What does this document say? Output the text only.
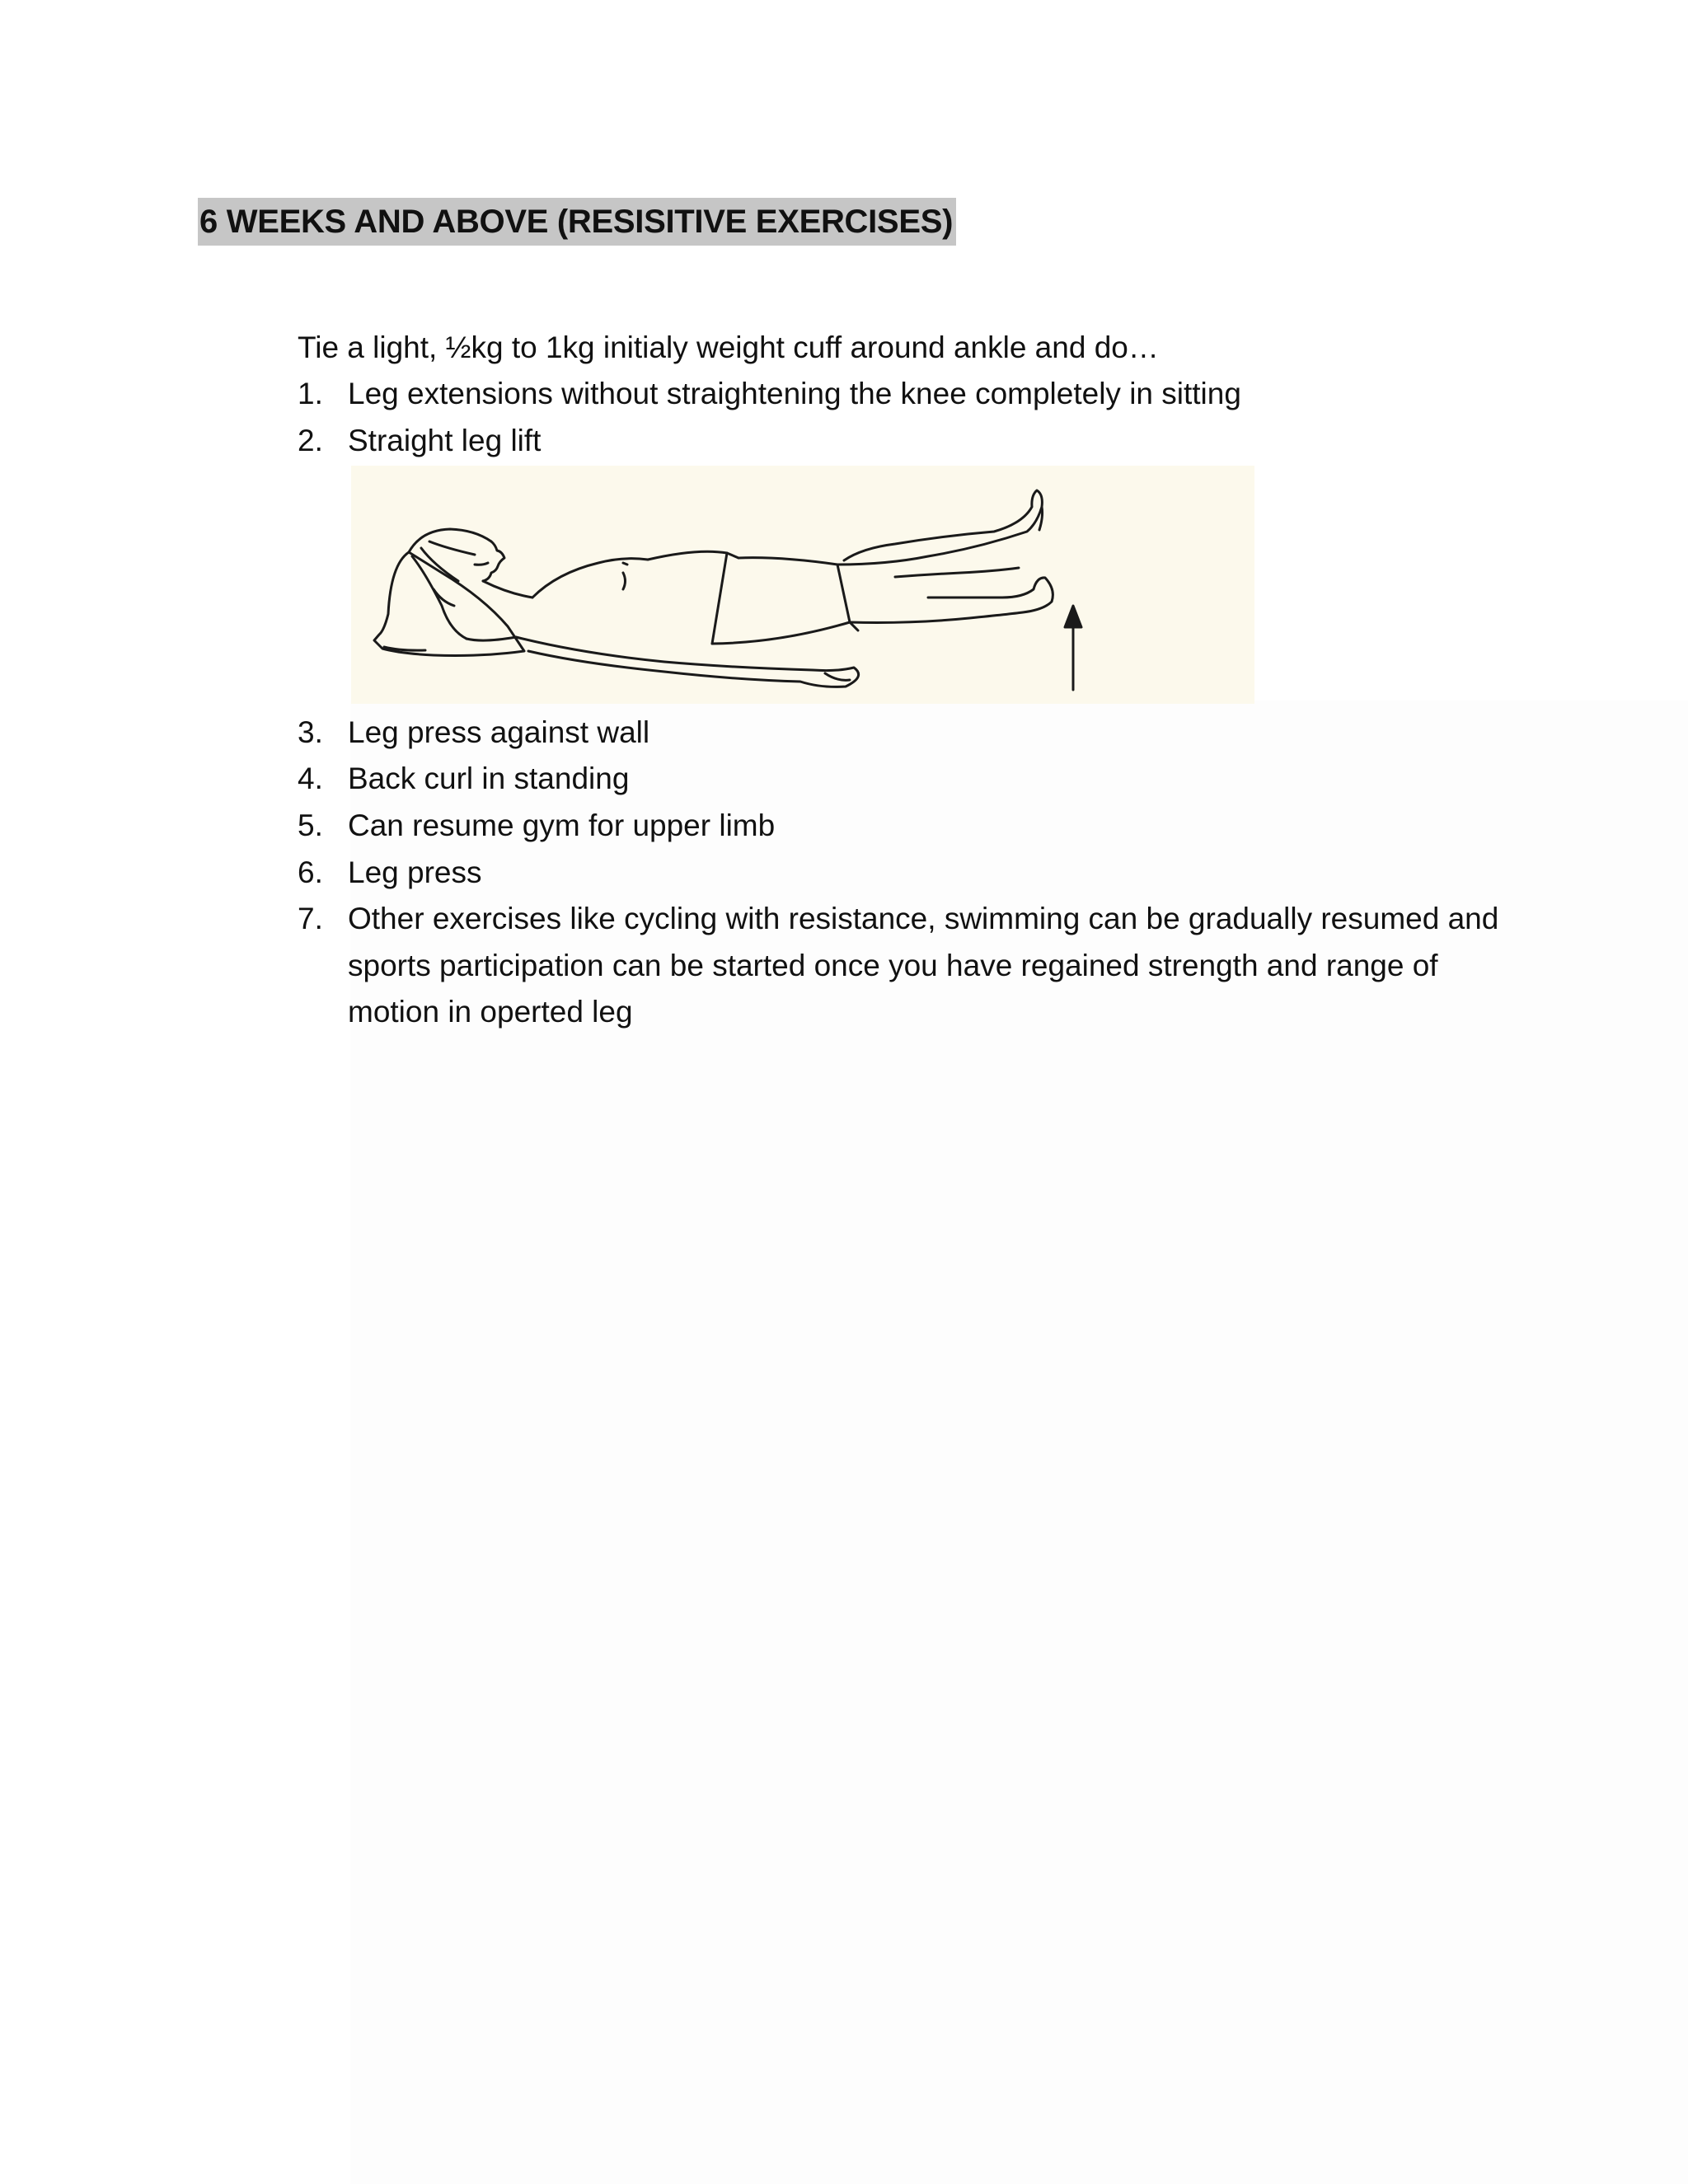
6 WEEKS AND ABOVE (RESISITIVE EXERCISES)
Tie a light, ½kg to 1kg initialy weight cuff around ankle and do…
1. Leg extensions without straightening the knee completely in sitting
2. Straight leg lift
3. Leg press against wall
4. Back curl in standing
5. Can resume gym for upper limb
6. Leg press
7. Other exercises like cycling with resistance, swimming can be gradually resumed and
sports participation can be started once you have regained strength and range of
motion in operted leg
